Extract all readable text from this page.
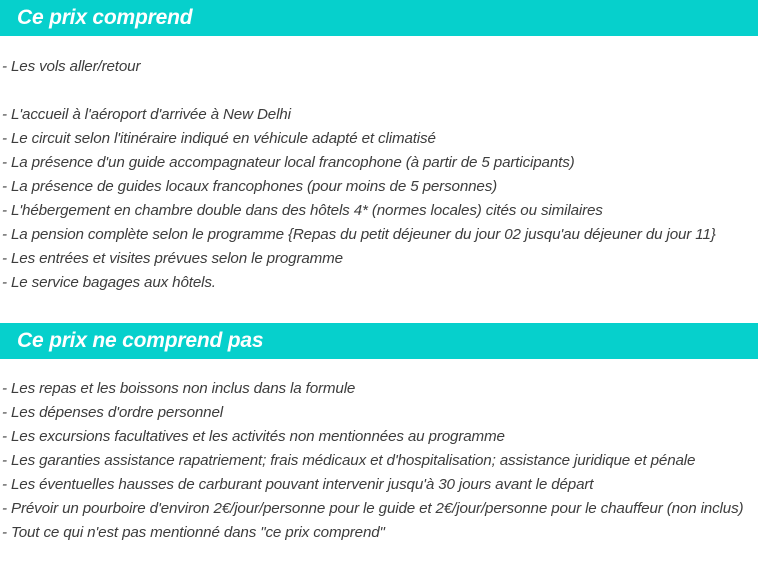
Ce prix comprend
- Les vols aller/retour
- L'accueil à l'aéroport d'arrivée à New Delhi
- Le circuit selon l'itinéraire indiqué en véhicule adapté et climatisé
- La présence d'un guide accompagnateur local francophone (à partir de 5 participants)
- La présence de guides locaux francophones (pour moins de 5 personnes)
- L'hébergement en chambre double dans des hôtels 4* (normes locales) cités ou similaires
- La pension complète selon le programme {Repas du petit déjeuner du jour 02 jusqu'au déjeuner du jour 11}
- Les entrées et visites prévues selon le programme
- Le service bagages aux hôtels.
Ce prix ne comprend pas
- Les repas et les boissons non inclus dans la formule
- Les dépenses d'ordre personnel
- Les excursions facultatives et les activités non mentionnées au programme
- Les garanties assistance rapatriement; frais médicaux et d'hospitalisation; assistance juridique et pénale
- Les éventuelles hausses de carburant pouvant intervenir jusqu'à 30 jours avant le départ
- Prévoir un pourboire d'environ 2€/jour/personne pour le guide et 2€/jour/personne pour le chauffeur (non inclus)
- Tout ce qui n'est pas mentionné dans "ce prix comprend"
